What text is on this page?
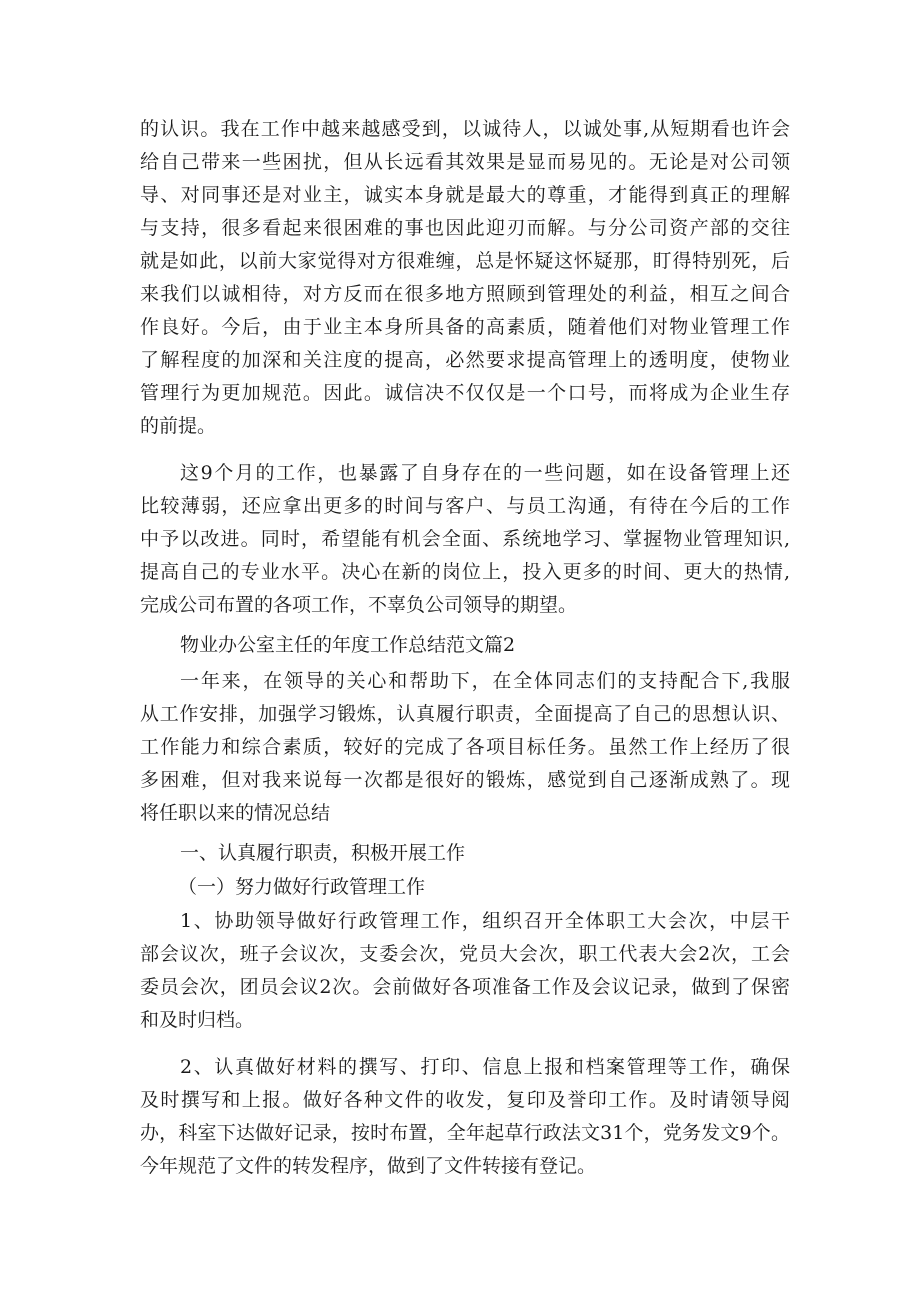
的认识。我在工作中越来越感受到，以诚待人，以诚处事,从短期看也许会
给自己带来一些困扰，但从长远看其效果是显而易见的。无论是对公司领
导、对同事还是对业主，诚实本身就是最大的尊重，才能得到真正的理解
与支持，很多看起来很困难的事也因此迎刃而解。与分公司资产部的交往
就是如此，以前大家觉得对方很难缠，总是怀疑这怀疑那，盯得特别死，后
来我们以诚相待，对方反而在很多地方照顾到管理处的利益，相互之间合
作良好。今后，由于业主本身所具备的高素质，随着他们对物业管理工作
了解程度的加深和关注度的提高，必然要求提高管理上的透明度，使物业
管理行为更加规范。因此。诚信决不仅仅是一个口号，而将成为企业生存
的前提。
这9个月的工作，也暴露了自身存在的一些问题，如在设备管理上还
比较薄弱，还应拿出更多的时间与客户、与员工沟通，有待在今后的工作
中予以改进。同时，希望能有机会全面、系统地学习、掌握物业管理知识,
提高自己的专业水平。决心在新的岗位上，投入更多的时间、更大的热情,
完成公司布置的各项工作，不辜负公司领导的期望。
物业办公室主任的年度工作总结范文篇2
一年来，在领导的关心和帮助下，在全体同志们的支持配合下,我服
从工作安排，加强学习锻炼，认真履行职责，全面提高了自己的思想认识、
工作能力和综合素质，较好的完成了各项目标任务。虽然工作上经历了很
多困难，但对我来说每一次都是很好的锻炼，感觉到自己逐渐成熟了。现
将任职以来的情况总结
一、认真履行职责，积极开展工作
（一）努力做好行政管理工作
1、协助领导做好行政管理工作，组织召开全体职工大会次，中层干
部会议次，班子会议次，支委会次，党员大会次，职工代表大会2次，工会
委员会次，团员会议2次。会前做好各项准备工作及会议记录，做到了保密
和及时归档。
2、认真做好材料的撰写、打印、信息上报和档案管理等工作，确保
及时撰写和上报。做好各种文件的收发，复印及誉印工作。及时请领导阅
办，科室下达做好记录，按时布置，全年起草行政法文31个，党务发文9个。
今年规范了文件的转发程序，做到了文件转接有登记。
